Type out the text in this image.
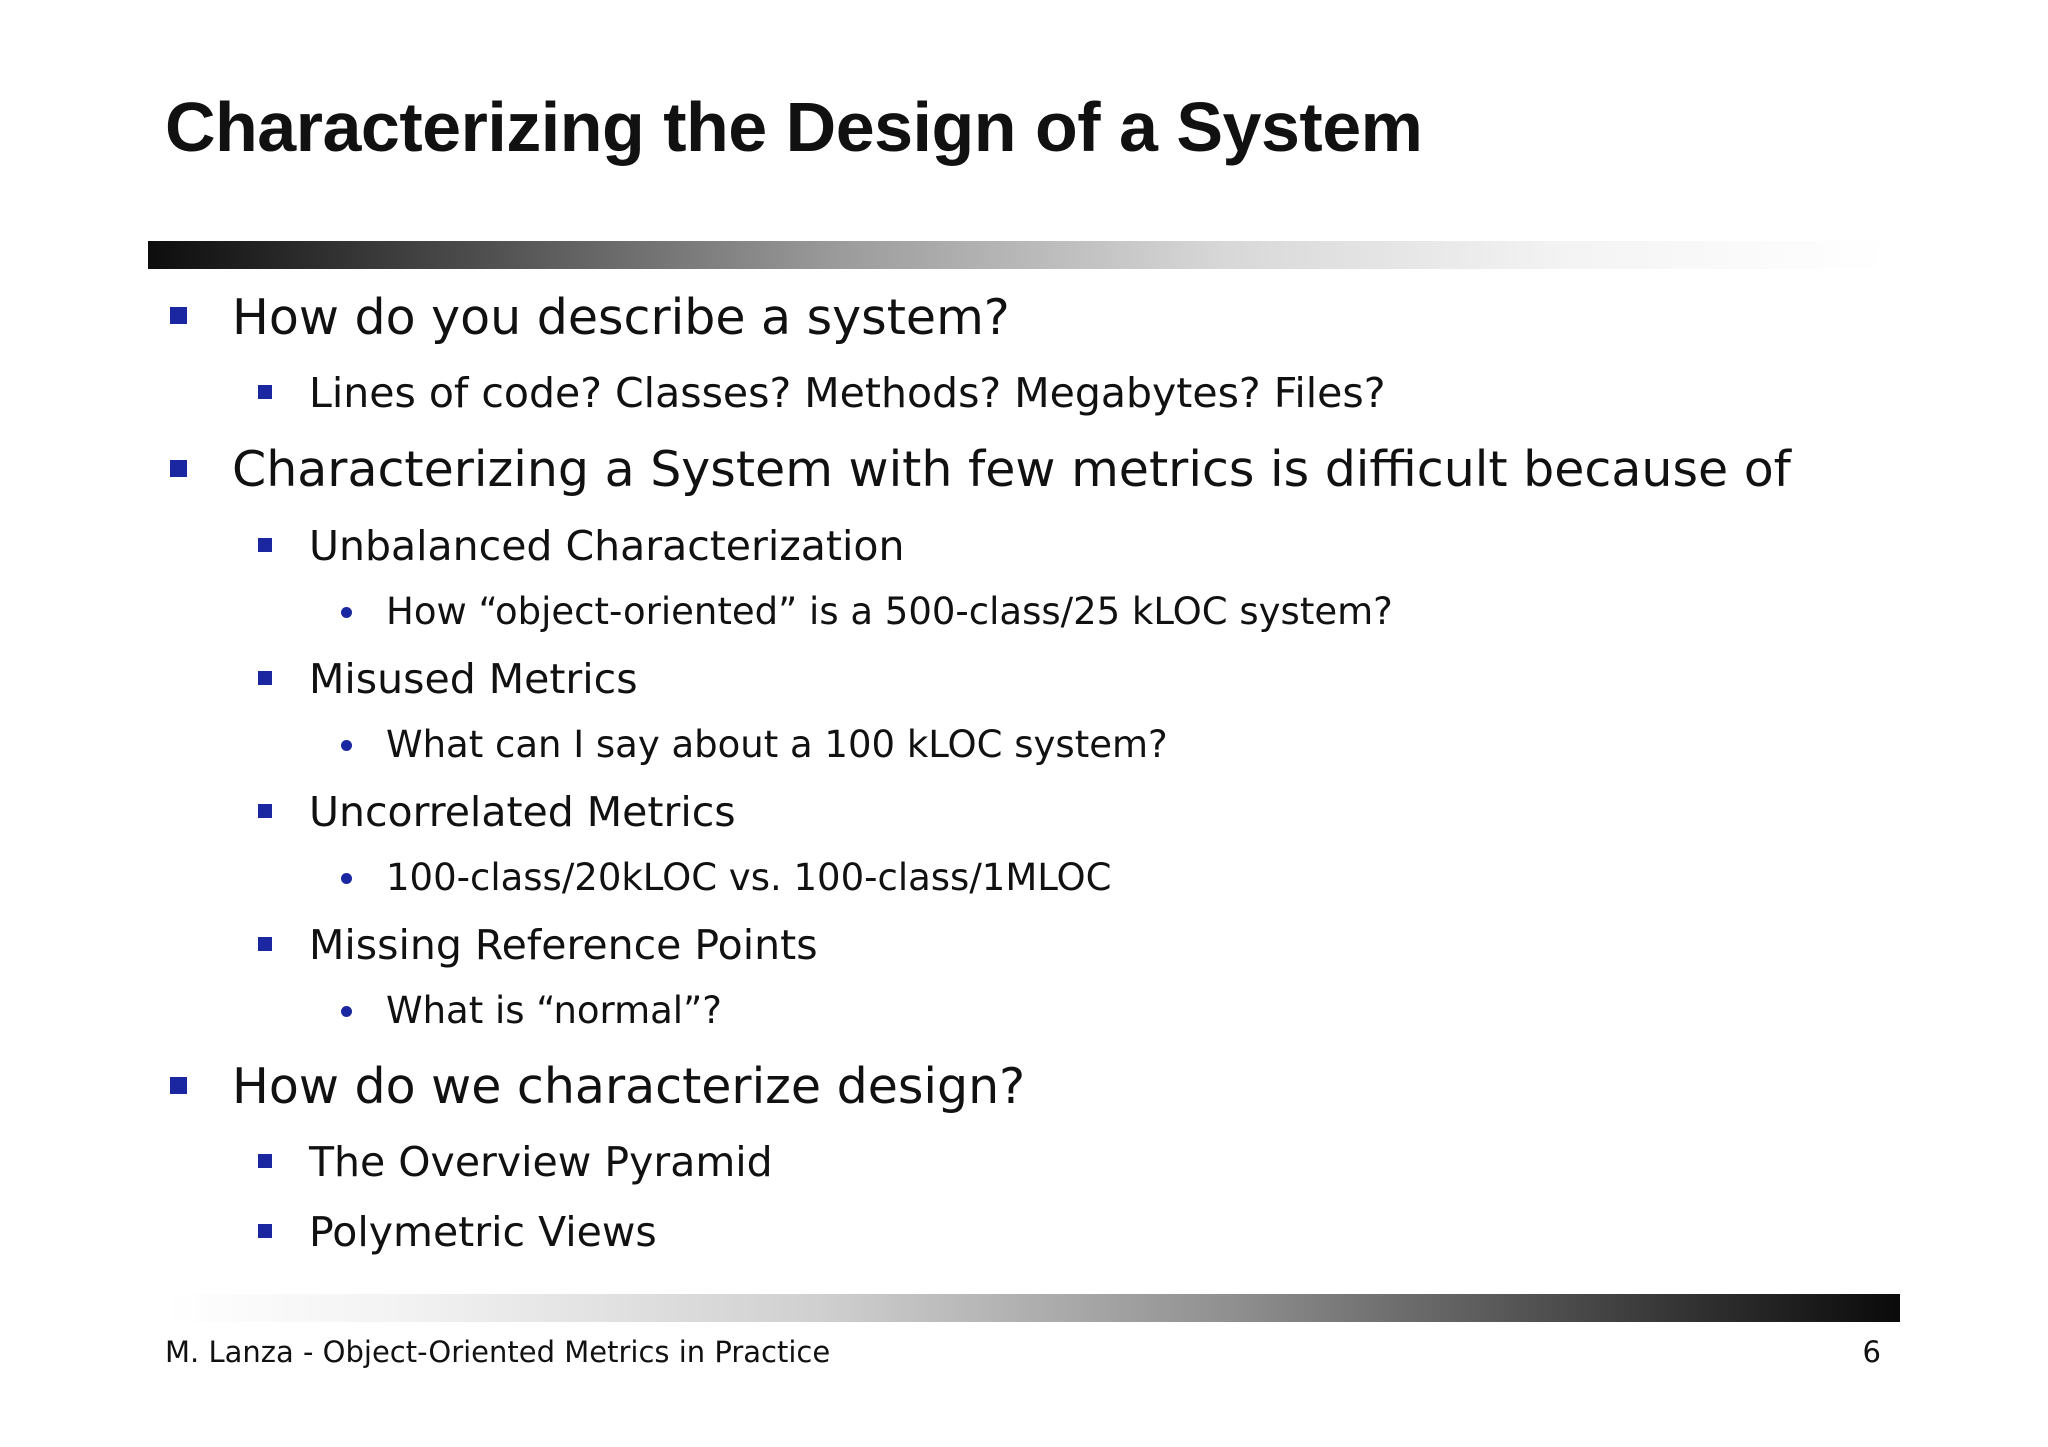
Characterizing the Design of a System
How do you describe a system?
Lines of code? Classes? Methods? Megabytes? Files?
Characterizing a System with few metrics is difficult because of
Unbalanced Characterization
How “object-oriented” is a 500-class/25 kLOC system?
Misused Metrics
What can I say about a 100 kLOC system?
Uncorrelated Metrics
100-class/20kLOC vs. 100-class/1MLOC
Missing Reference Points
What is “normal”?
How do we characterize design?
The Overview Pyramid
Polymetric Views
M. Lanza - Object-Oriented Metrics in Practice	6
